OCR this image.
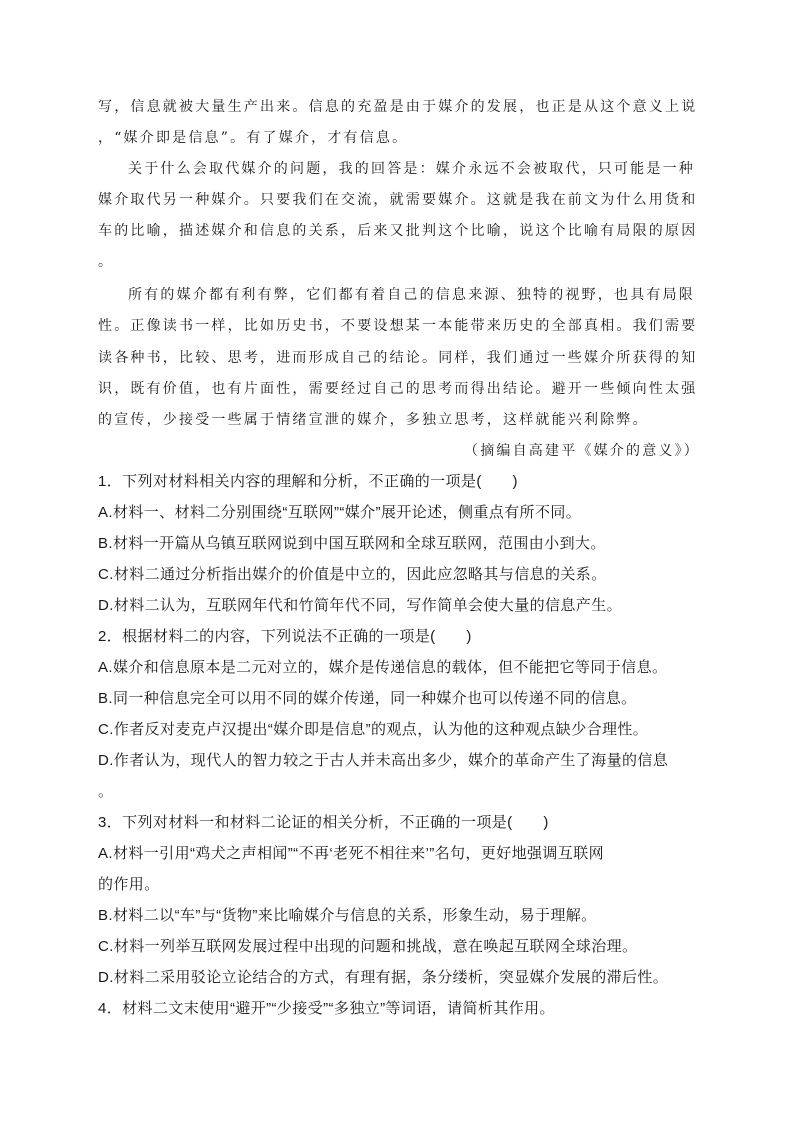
写，信息就被大量生产出来。信息的充盈是由于媒介的发展，也正是从这个意义上说
，“媒介即是信息”。有了媒介，才有信息。
关于什么会取代媒介的问题，我的回答是：媒介永远不会被取代，只可能是一种
媒介取代另一种媒介。只要我们在交流，就需要媒介。这就是我在前文为什么用货和
车的比喻，描述媒介和信息的关系，后来又批判这个比喻，说这个比喻有局限的原因
。
所有的媒介都有利有弊，它们都有着自己的信息来源、独特的视野，也具有局限
性。正像读书一样，比如历史书，不要设想某一本能带来历史的全部真相。我们需要
读各种书，比较、思考，进而形成自己的结论。同样，我们通过一些媒介所获得的知
识，既有价值，也有片面性，需要经过自己的思考而得出结论。避开一些倾向性太强
的宣传，少接受一些属于情绪宣泄的媒介，多独立思考，这样就能兴利除弊。
（摘编自高建平《媒介的意义》）
1．下列对材料相关内容的理解和分析，不正确的一项是(　　)
A.材料一、材料二分别围绕“互联网”“媒介”展开论述，侧重点有所不同。
B.材料一开篇从乌镇互联网说到中国互联网和全球互联网，范围由小到大。
C.材料二通过分析指出媒介的价值是中立的，因此应忽略其与信息的关系。
D.材料二认为，互联网年代和竹简年代不同，写作简单会使大量的信息产生。
2．根据材料二的内容，下列说法不正确的一项是(　　)
A.媒介和信息原本是二元对立的，媒介是传递信息的载体，但不能把它等同于信息。
B.同一种信息完全可以用不同的媒介传递，同一种媒介也可以传递不同的信息。
C.作者反对麦克卢汉提出“媒介即是信息”的观点，认为他的这种观点缺少合理性。
D.作者认为，现代人的智力较之于古人并未高出多少，媒介的革命产生了海量的信息
。
3．下列对材料一和材料二论证的相关分析，不正确的一项是(　　)
A.材料一引用“鸡犬之声相闻”“不再‘老死不相往来’”名句，更好地强调互联网
的作用。
B.材料二以“车”与“货物”来比喻媒介与信息的关系，形象生动，易于理解。
C.材料一列举互联网发展过程中出现的问题和挑战，意在唤起互联网全球治理。
D.材料二采用驳论立论结合的方式，有理有据，条分缕析，突显媒介发展的滞后性。
4．材料二文末使用“避开”“少接受”“多独立”等词语，请简析其作用。
